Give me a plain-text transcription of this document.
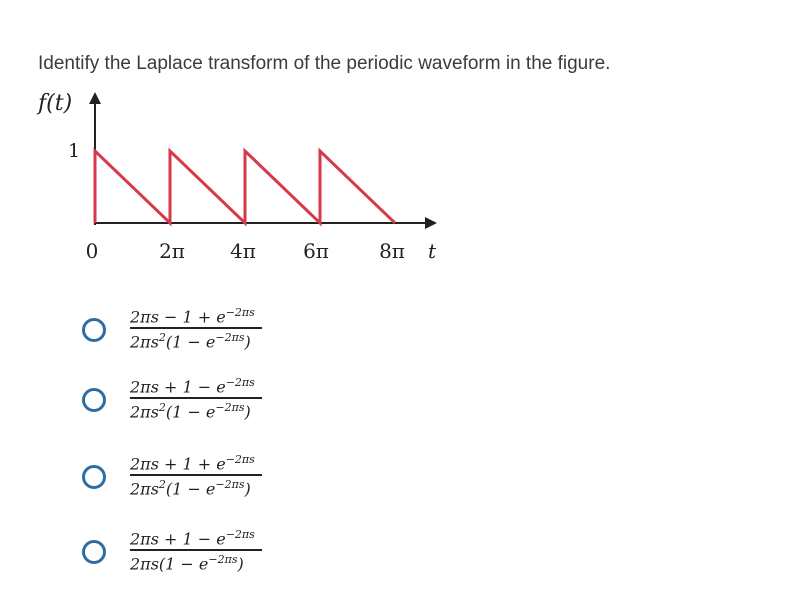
Identify the Laplace transform of the periodic waveform in the figure.
f(t)
1
0	2π 4π 6π	8π t
$2\pi s - 1 + e^{-2\pi s}$
$2\pi s^2(1 - e^{-2\pi s})$
$2\pi s + 1 - e^{-2\pi s}$
$2\pi s^2(1 - e^{-2\pi s})$
$2\pi s + 1 + e^{-2\pi s}$
$2\pi s^2(1 - e^{-2\pi s})$
$2\pi s + 1 - e^{-2\pi s}$
$2\pi s(1 - e^{-2\pi s})$
